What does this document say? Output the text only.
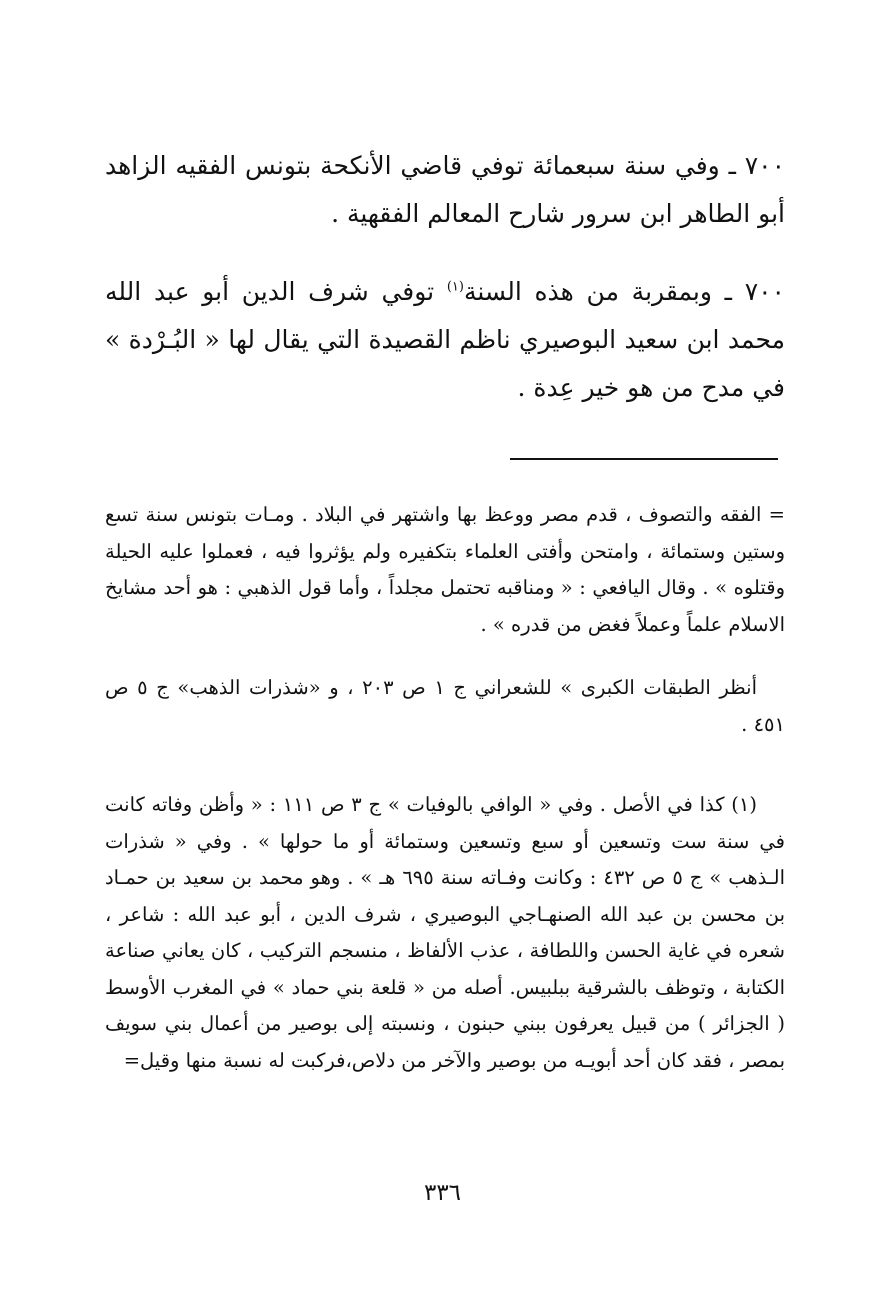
٧٠٠ ـ وفي سنة سبعمائة توفي قاضي الأنكحة بتونس الفقيه الزاهد أبو الطاهر ابن سرور شارح المعالم الفقهية .

٧٠٠ ـ وبمقربة من هذه السنة$^{(١)}$ توفي شرف الدين أبو عبد الله محمد ابن سعيد البوصيري ناظم القصيدة التي يقال لها « البُـرْدة » في مدح من هو خير عِدة .

= الفقه والتصوف ، قدم مصر ووعظ بها واشتهر في البلاد . ومـات بتونس سنة تسع وستين وستمائة ، وامتحن وأفتى العلماء بتكفيره ولم يؤثروا فيه ، فعملوا عليه الحيلة وقتلوه » . وقال اليافعي : « ومناقبه تحتمل مجلداً ، وأما قول الذهبي : هو أحد مشايخ الاسلام علماً وعملاً فغض من قدره » .

أنظر الطبقات الكبرى » للشعراني ج ١ ص ٢٠٣ ، و «شذرات الذهب» ج ٥ ص ٤٥١ .

(١) كذا في الأصل . وفي « الوافي بالوفيات » ج ٣ ص ١١١ : « وأظن وفاته كانت في سنة ست وتسعين أو سبع وتسعين وستمائة أو ما حولها » . وفي « شذرات الـذهب » ج ٥ ص ٤٣٢ : وكانت وفـاته سنة ٦٩٥ هـ » . وهو محمد بن سعيد بن حمـاد بن محسن بن عبد الله الصنهـاجي البوصيري ، شرف الدين ، أبو عبد الله : شاعر ، شعره في غاية الحسن واللطافة ، عذب الألفاظ ، منسجم التركيب ، كان يعاني صناعة الكتابة ، وتوظف بالشرقية ببلبيس. أصله من « قلعة بني حماد » في المغرب الأوسط ( الجزائر ) من قبيل يعرفون ببني حبنون ، ونسبته إلى بوصير من أعمال بني سويف بمصر ، فقد كان أحد أبويـه من بوصير والآخر من دلاص،فركبت له نسبة منها وقيل=

٣٣٦
